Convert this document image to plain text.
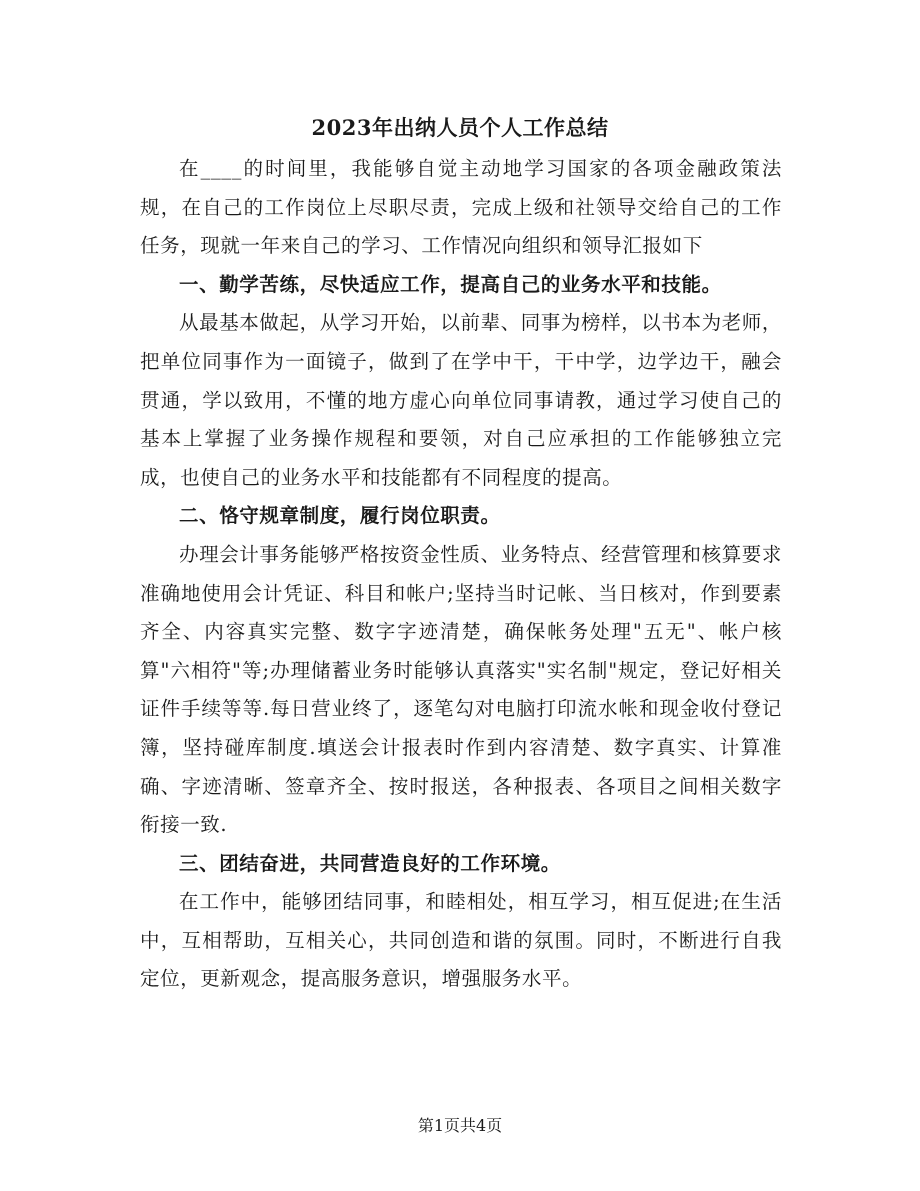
2023年出纳人员个人工作总结

在____的时间里，我能够自觉主动地学习国家的各项金融政策法规，在自己的工作岗位上尽职尽责，完成上级和社领导交给自己的工作任务，现就一年来自己的学习、工作情况向组织和领导汇报如下

一、勤学苦练，尽快适应工作，提高自己的业务水平和技能。

从最基本做起，从学习开始，以前辈、同事为榜样，以书本为老师，把单位同事作为一面镜子，做到了在学中干，干中学，边学边干，融会贯通，学以致用，不懂的地方虚心向单位同事请教，通过学习使自己的基本上掌握了业务操作规程和要领，对自己应承担的工作能够独立完成，也使自己的业务水平和技能都有不同程度的提高。

二、恪守规章制度，履行岗位职责。

办理会计事务能够严格按资金性质、业务特点、经营管理和核算要求准确地使用会计凭证、科目和帐户;坚持当时记帐、当日核对，作到要素齐全、内容真实完整、数字字迹清楚，确保帐务处理"五无"、帐户核算"六相符"等;办理储蓄业务时能够认真落实"实名制"规定，登记好相关证件手续等等.每日营业终了，逐笔勾对电脑打印流水帐和现金收付登记簿，坚持碰库制度.填送会计报表时作到内容清楚、数字真实、计算准确、字迹清晰、签章齐全、按时报送，各种报表、各项目之间相关数字衔接一致.

三、团结奋进，共同营造良好的工作环境。

在工作中，能够团结同事，和睦相处，相互学习，相互促进;在生活中，互相帮助，互相关心，共同创造和谐的氛围。同时，不断进行自我定位，更新观念，提高服务意识，增强服务水平。

第1页共4页
